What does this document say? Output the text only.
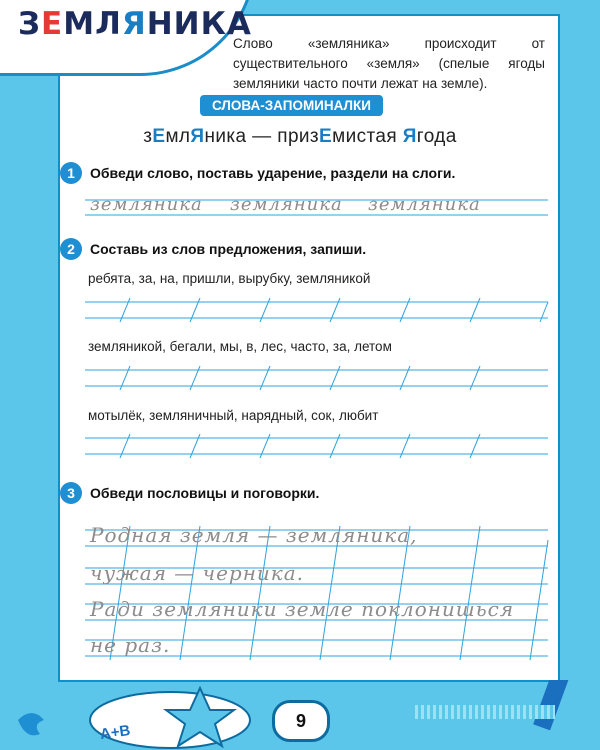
ЗЕМЛЯНИКА
Слово «земляника» происходит от существительного «земля» (спелые ягоды земляники часто почти лежат на земле).
СЛОВА-ЗАПОМИНАЛКИ
зЕмлЯника — призЕмистая Ягода
1	Обведи слово, поставь ударение, раздели на слоги.
2	Составь из слов предложения, запиши.
ребята, за, на, пришли, вырубку, земляникой
земляникой, бегали, мы, в, лес, часто, за, летом
мотылёк, земляничный, нарядный, сок, любит
3	Обведи пословицы и поговорки.
земляника земляника земляника
Родная земля — земляника,
чужая — черника.
Ради земляники земле поклонишься
не раз.
А+В
9
